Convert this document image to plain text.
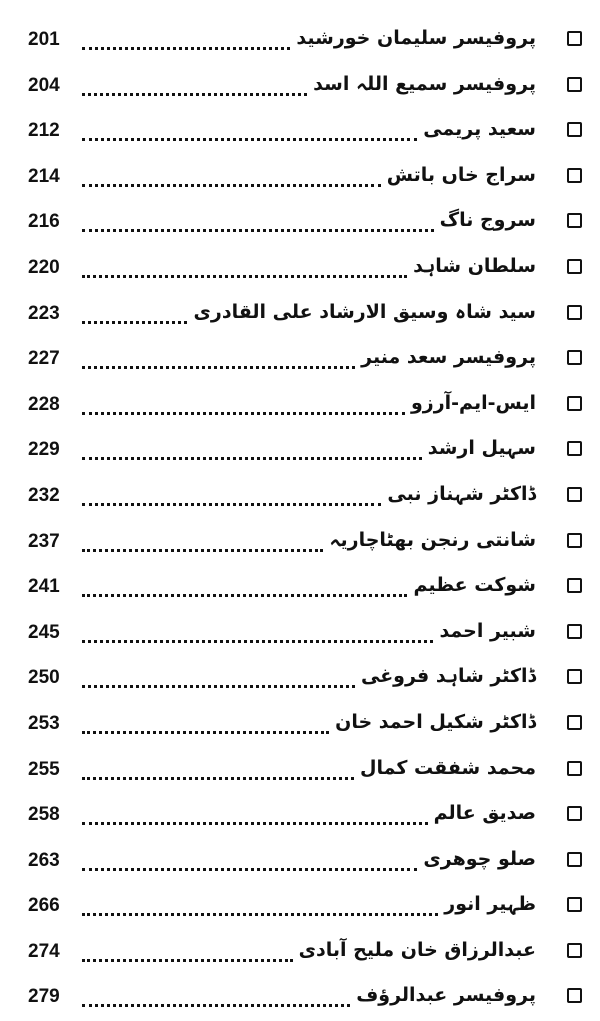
201	پروفیسر سلیمان خورشید
204	پروفیسر سمیع اللہ اسد
212	سعید پریمی
214	سراج خاں باتش
216	سروج ناگ
220	سلطان شاہد
223	سید شاہ وسیق الارشاد علی القادری
227	پروفیسر سعد منیر
228	ایس-ایم-آرزو
229	سہیل ارشد
232	ڈاکٹر شہناز نبی
237	شانتی رنجن بھٹاچاریہ
241	شوکت عظیم
245	شبیر احمد
250	ڈاکٹر شاہد فروغی
253	ڈاکٹر شکیل احمد خان
255	محمد شفقت کمال
258	صدیق عالم
263	صلو چوھری
266	ظہیر انور
274	عبدالرزاق خان ملیح آبادی
279	پروفیسر عبدالرؤف
